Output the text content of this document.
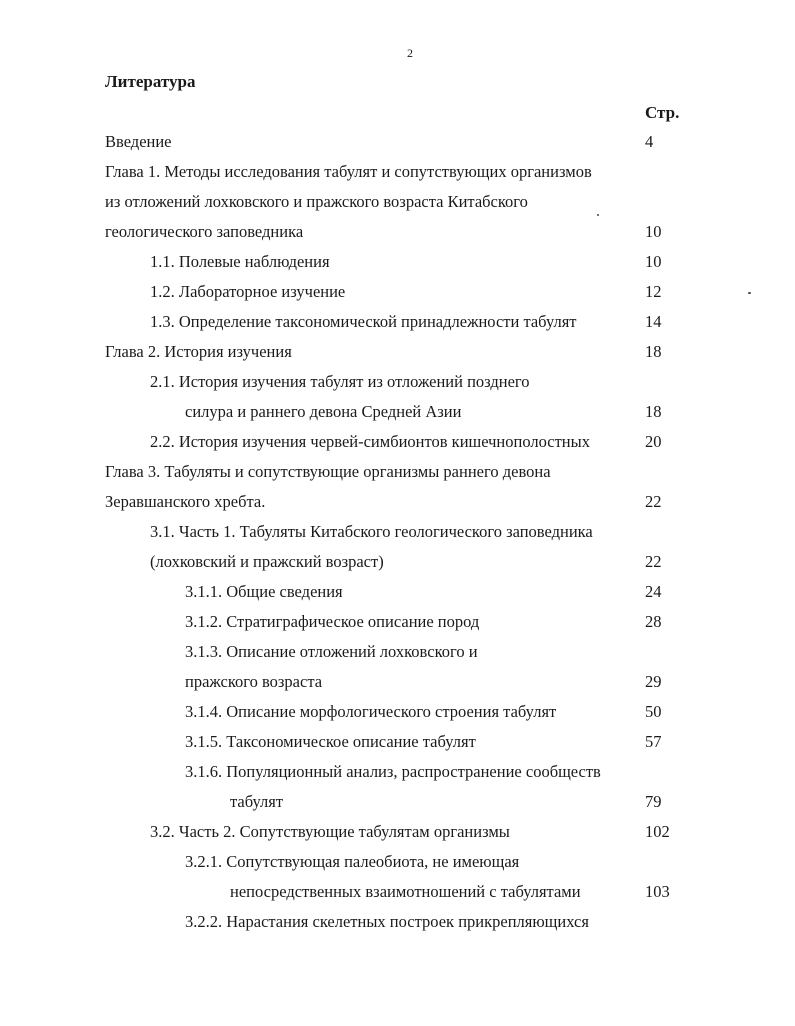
2
Литература
Стр.
Введение	4
Глава 1. Методы исследования табулят и сопутствующих организмов
из отложений лохковского и пражского возраста Китабского
геологического заповедника	10
1.1. Полевые наблюдения	10
1.2. Лабораторное изучение	12
1.3. Определение таксономической принадлежности табулят	14
Глава 2. История изучения	18
2.1. История изучения табулят из отложений позднего
силура и раннего девона Средней Азии	18
2.2. История изучения червей-симбионтов кишечнополостных	20
Глава 3. Табуляты и сопутствующие организмы раннего девона
Зеравшанского хребта.	22
3.1. Часть 1. Табуляты Китабского геологического заповедника
(лохковский и пражский возраст)	22
3.1.1. Общие сведения	24
3.1.2. Стратиграфическое описание пород	28
3.1.3. Описание отложений лохковского и
пражского возраста	29
3.1.4. Описание морфологического строения табулят	50
3.1.5. Таксономическое описание табулят	57
3.1.6. Популяционный анализ, распространение сообществ
табулят	79
3.2. Часть 2. Сопутствующие табулятам организмы	102
3.2.1. Сопутствующая палеобиота, не имеющая
непосредственных взаимотношений с табулятами	103
3.2.2. Нарастания скелетных построек прикрепляющихся
